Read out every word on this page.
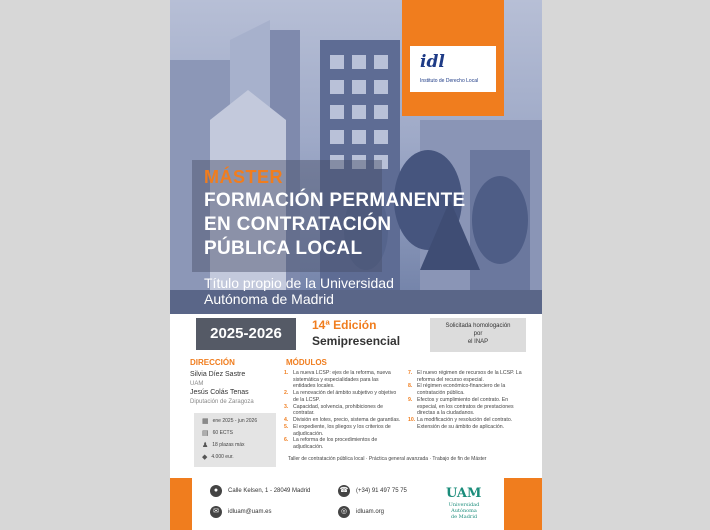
idl
Instituto de Derecho Local
MÁSTER
FORMACIÓN PERMANENTE
EN CONTRATACIÓN
PÚBLICA LOCAL
Título propio de la Universidad
Autónoma de Madrid
2025-2026	14ª Edición
Semipresencial
Solicitada homologación
por
el INAP
DIRECCIÓN
Silvia Díez Sastre
UAM
Jesús Colás Tenas
Diputación de Zaragoza
▦ ene 2025 - jun 2026
▤ 60 ECTS
♟ 18 plazas máx
◆ 4.000 eur.
MÓDULOS
1. La nueva LCSP: ejes de la reforma, nueva sistemática y especialidades para las entidades locales.
2. La renovación del ámbito subjetivo y objetivo de la LCSP.
3. Capacidad, solvencia, prohibiciones de contratar.
4. División en lotes, precio, sistema de garantías.
5. El expediente, los pliegos y los criterios de adjudicación.
6. La reforma de los procedimientos de adjudicación.
7. El nuevo régimen de recursos de la LCSP. La reforma del recurso especial.
8. El régimen económico-financiero de la contratación pública.
9. Efectos y cumplimiento del contrato. En especial, en los contratos de prestaciones directas a la ciudadanos.
10. La modificación y resolución del contrato. Extensión de su ámbito de aplicación.
Taller de contratación pública local · Práctica general avanzada · Trabajo de fin de Máster
●	Calle Kelsen, 1 - 28049 Madrid	☎ (+34) 91 497 75 75
✉	idluam@uam.es	◎	idluam.org
UAM
Universidad Autónoma
de Madrid
